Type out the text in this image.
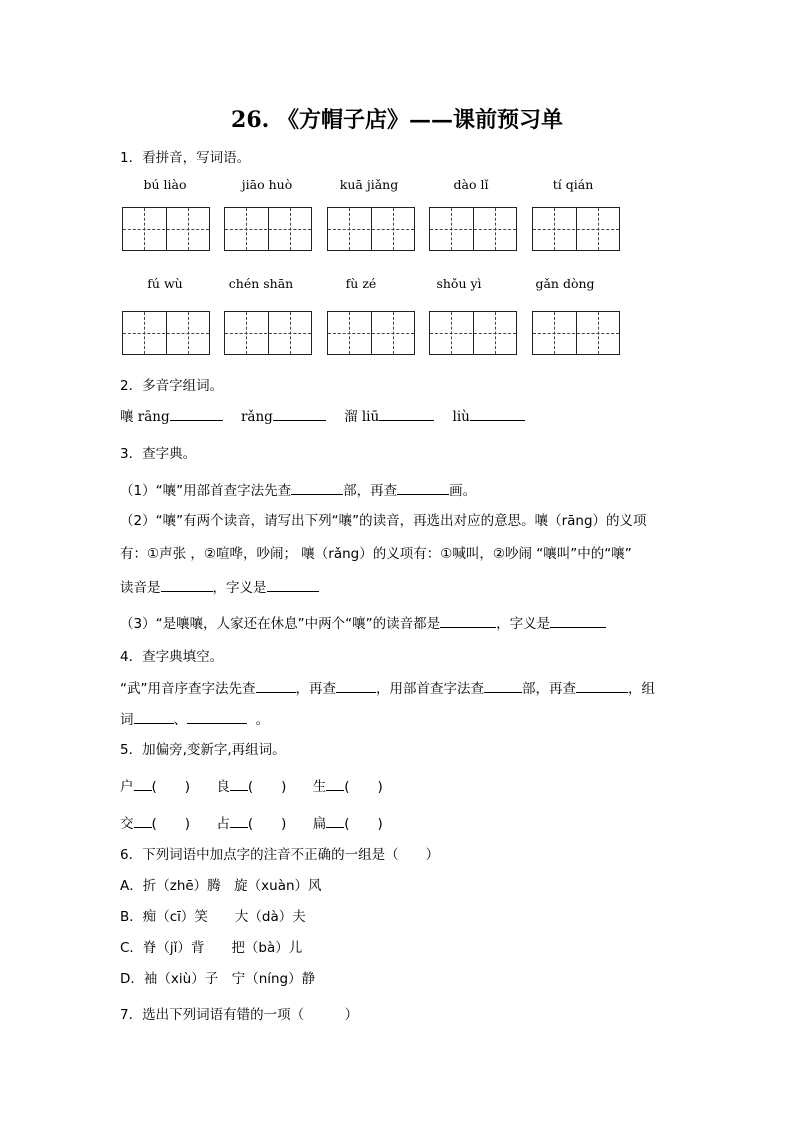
26. 《方帽子店》——课前预习单
1．看拼音，写词语。
bú liào	jiāo huò	kuā jiǎng	dào lǐ	tí qián
fú wù	chén shān	fù zé	shǒu yì	gǎn dòng
2．多音字组词。
嚷 rāng	rǎng	溜 liū	liù
3．查字典。
（1）“嚷”用部首查字法先查	部，再查	画。
（2）“嚷”有两个读音，请写出下列“嚷”的读音，再选出对应的意思。嚷（rāng）的义项
有：①声张 ，②喧哗，吵闹； 嚷（rǎng）的义项有：①喊叫，②吵闹 “嚷叫”中的“嚷”
读音是	，字义是
（3）“是嚷嚷，人家还在休息”中两个“嚷”的读音都是	，字义是
4．查字典填空。
“武”用音序查字法先查	，再查	，用部首查字法查	部，再查	，组
词	、	。
5．加偏旁,变新字,再组词。
户 ( ) 良 ( ) 生 ( )
交 ( ) 占 ( ) 扁 ( )
6．下列词语中加点字的注音不正确的一组是（　　）
A．折（zhē）腾　旋（xuàn）风
B．痴（cī）笑　　大（dà）夫
C．脊（jǐ）背　　把（bà）儿
D．袖（xiù）子　宁（níng）静
7．选出下列词语有错的一项（　　　）
